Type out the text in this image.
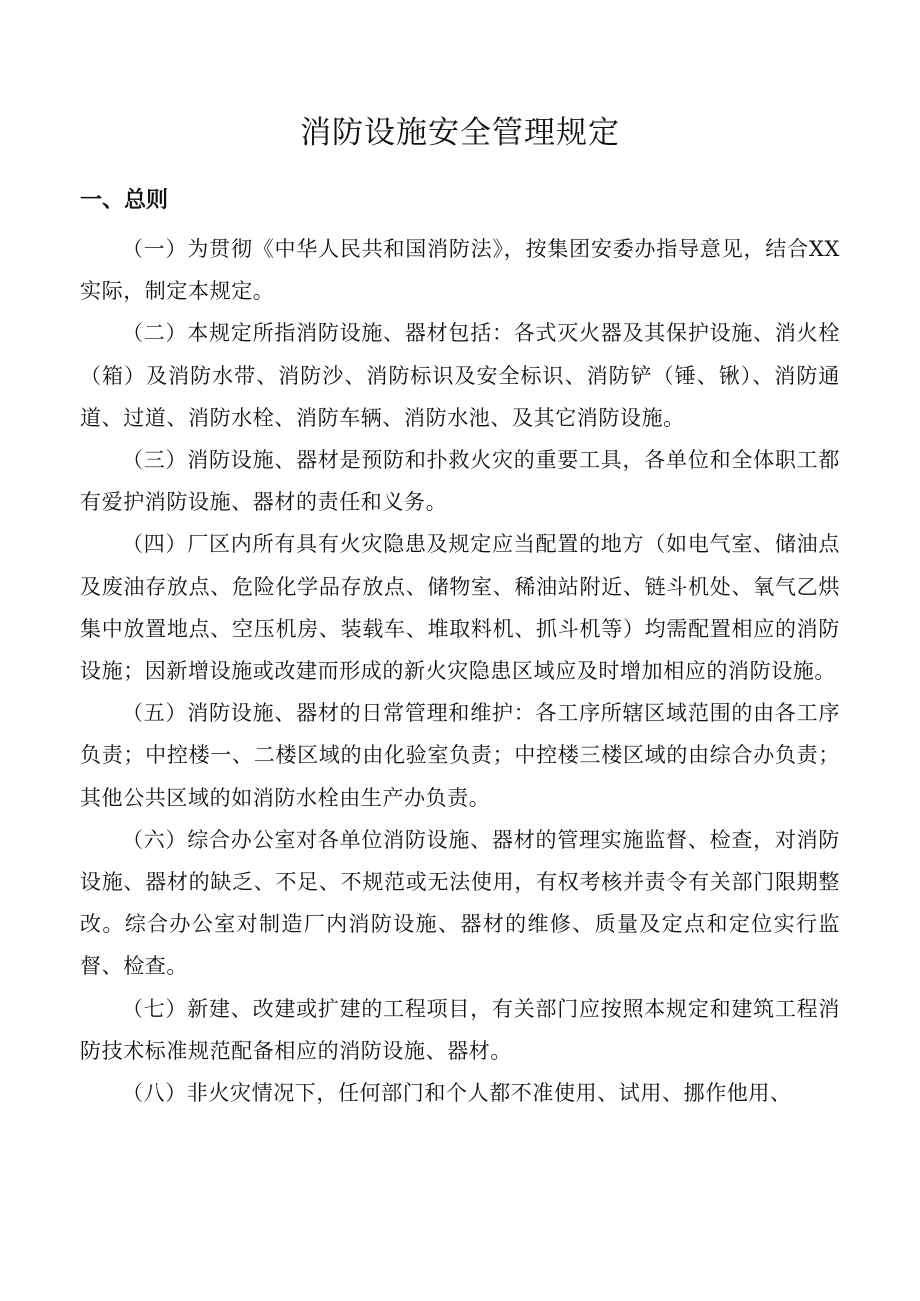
消防设施安全管理规定
一、总则

（一）为贯彻《中华人民共和国消防法》，按集团安委办指导意见，结合XX实际，制定本规定。

（二）本规定所指消防设施、器材包括：各式灭火器及其保护设施、消火栓（箱）及消防水带、消防沙、消防标识及安全标识、消防铲（锤、锹）、消防通道、过道、消防水栓、消防车辆、消防水池、及其它消防设施。

（三）消防设施、器材是预防和扑救火灾的重要工具，各单位和全体职工都有爱护消防设施、器材的责任和义务。

（四）厂区内所有具有火灾隐患及规定应当配置的地方（如电气室、储油点及废油存放点、危险化学品存放点、储物室、稀油站附近、链斗机处、氧气乙烘集中放置地点、空压机房、装载车、堆取料机、抓斗机等）均需配置相应的消防设施；因新增设施或改建而形成的新火灾隐患区域应及时增加相应的消防设施。

（五）消防设施、器材的日常管理和维护：各工序所辖区域范围的由各工序负责；中控楼一、二楼区域的由化验室负责；中控楼三楼区域的由综合办负责；其他公共区域的如消防水栓由生产办负责。

（六）综合办公室对各单位消防设施、器材的管理实施监督、检查，对消防设施、器材的缺乏、不足、不规范或无法使用，有权考核并责令有关部门限期整改。综合办公室对制造厂内消防设施、器材的维修、质量及定点和定位实行监督、检查。

（七）新建、改建或扩建的工程项目，有关部门应按照本规定和建筑工程消防技术标准规范配备相应的消防设施、器材。

（八）非火灾情况下，任何部门和个人都不准使用、试用、挪作他用、
